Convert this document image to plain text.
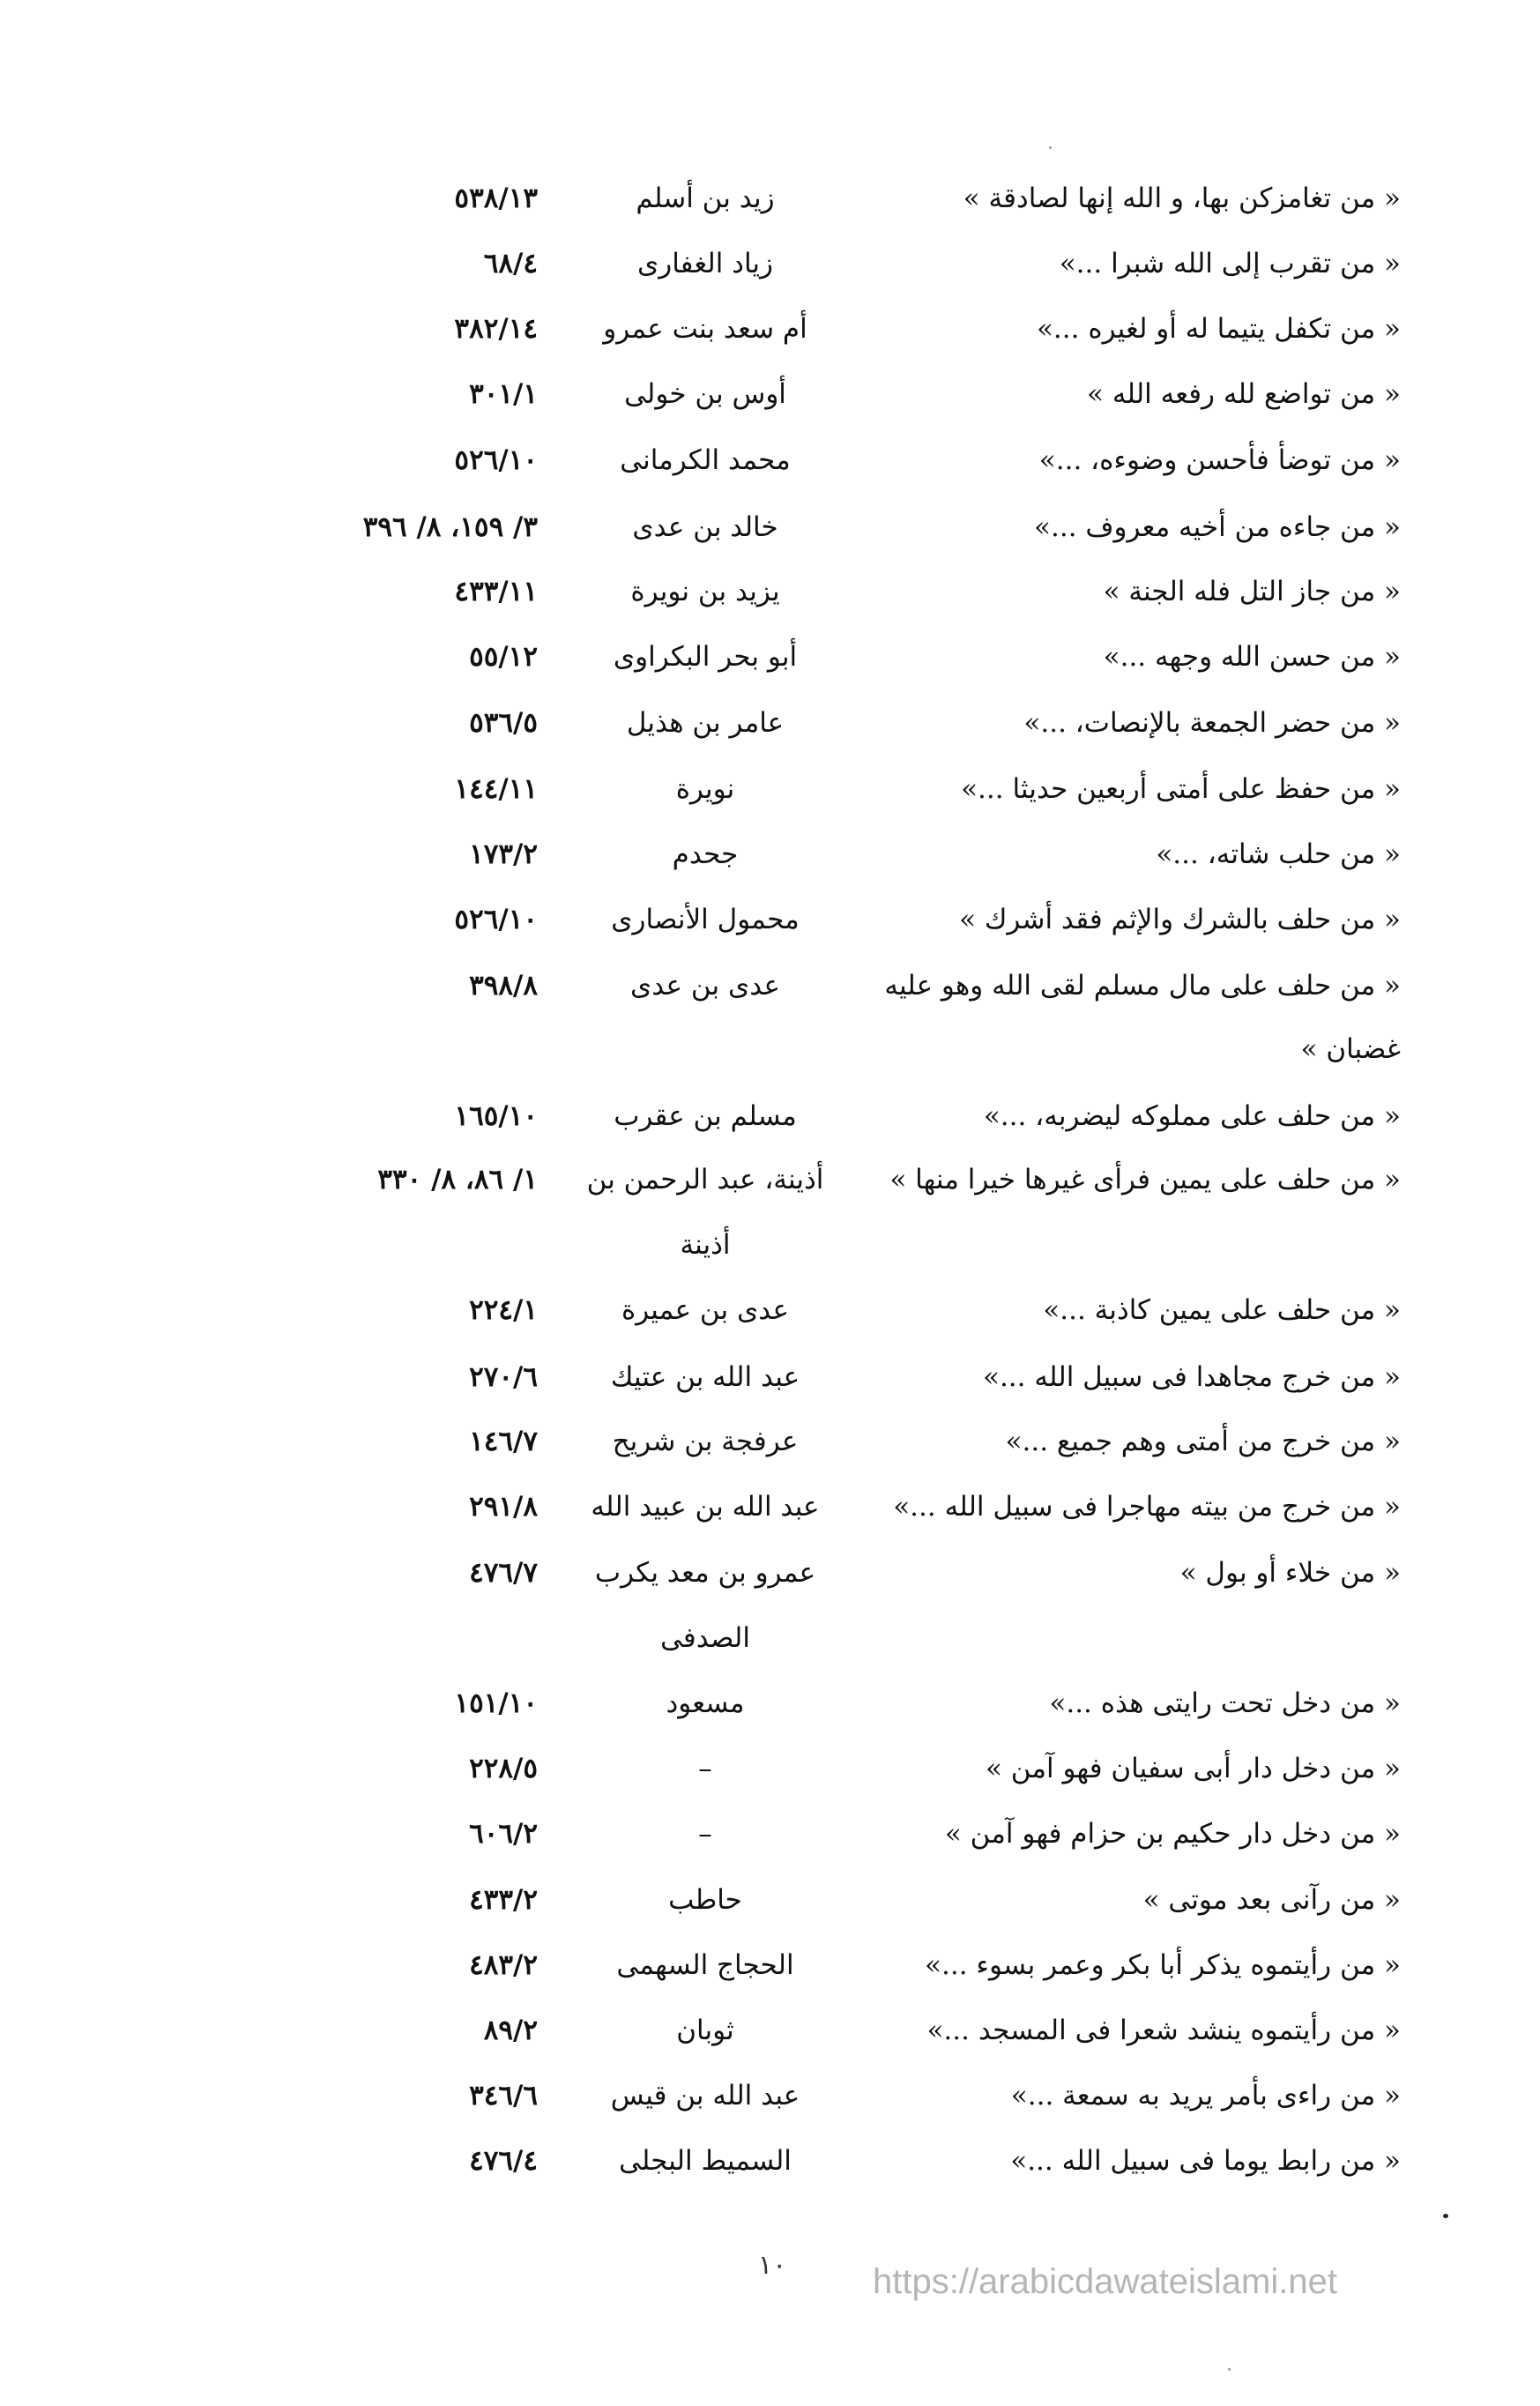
« من تغامزكن بها، و الله إنها لصادقة »
زيد بن أسلم
٥٣٨/١٣
« من تقرب إلى الله شبرا ...»
زياد الغفارى
٦٨/٤
« من تكفل يتيما له أو لغيره ...»
أم سعد بنت عمرو
٣٨٢/١٤
« من تواضع لله رفعه الله »
أوس بن خولى
٣٠١/١
« من توضأ فأحسن وضوءه، ...»
محمد الكرمانى
٥٢٦/١٠
« من جاءه من أخيه معروف ...»
خالد بن عدى
٣/ ١٥٩، ٨/ ٣٩٦
« من جاز التل فله الجنة »
يزيد بن نويرة
٤٣٣/١١
« من حسن الله وجهه ...»
أبو بحر البكراوى
٥٥/١٢
« من حضر الجمعة بالإنصات، ...»
عامر بن هذيل
٥٣٦/٥
« من حفظ على أمتى أربعين حديثا ...»
نويرة
١٤٤/١١
« من حلب شاته، ...»
جحدم
١٧٣/٢
« من حلف بالشرك والإثم فقد أشرك »
محمول الأنصارى
٥٢٦/١٠
« من حلف على مال مسلم لقى الله وهو عليه
عدى بن عدى
٣٩٨/٨
غضبان »
« من حلف على مملوكه ليضربه، ...»
مسلم بن عقرب
١٦٥/١٠
« من حلف على يمين فرأى غيرها خيرا منها »
أذينة، عبد الرحمن بن
١/ ٨٦، ٨/ ٣٣٠
أذينة
« من حلف على يمين كاذبة ...»
عدى بن عميرة
٢٢٤/١
« من خرج مجاهدا فى سبيل الله ...»
عبد الله بن عتيك
٢٧٠/٦
« من خرج من أمتى وهم جميع ...»
عرفجة بن شريح
١٤٦/٧
« من خرج من بيته مهاجرا فى سبيل الله ...»
عبد الله بن عبيد الله
٢٩١/٨
« من خلاء أو بول »
عمرو بن معد يكرب
٤٧٦/٧
الصدفى
« من دخل تحت رايتى هذه ...»
مسعود
١٥١/١٠
« من دخل دار أبى سفيان فهو آمن »
–
٢٢٨/٥
« من دخل دار حكيم بن حزام فهو آمن »
–
٦٠٦/٢
« من رآنى بعد موتى »
حاطب
٤٣٣/٢
« من رأيتموه يذكر أبا بكر وعمر بسوء ...»
الحجاج السهمى
٤٨٣/٢
« من رأيتموه ينشد شعرا فى المسجد ...»
ثوبان
٨٩/٢
« من راءى بأمر يريد به سمعة ...»
عبد الله بن قيس
٣٤٦/٦
« من رابط يوما فى سبيل الله ...»
السميط البجلى
٤٧٦/٤
١٠ https://arabicdawateislami.net
